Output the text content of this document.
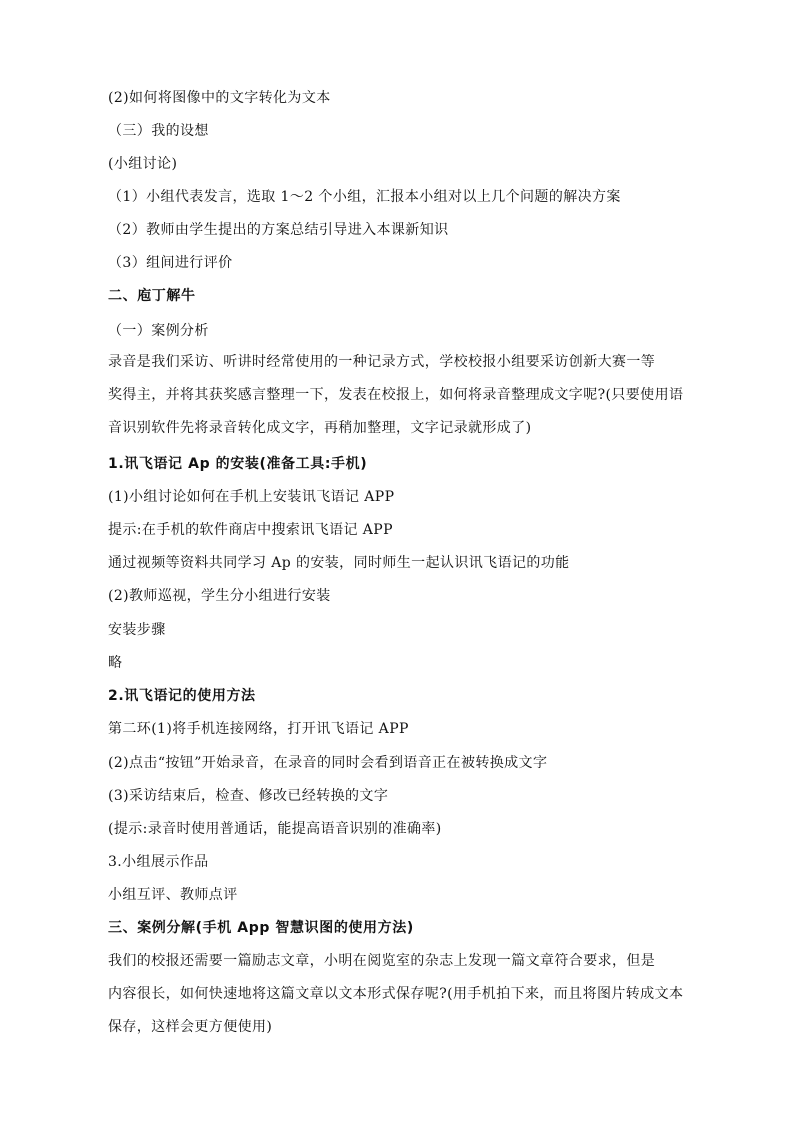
(2)如何将图像中的文字转化为文本
（三）我的设想
(小组讨论)
（1）小组代表发言，选取 1～2 个小组，汇报本小组对以上几个问题的解决方案
（2）教师由学生提出的方案总结引导进入本课新知识
（3）组间进行评价
二、庖丁解牛
（一）案例分析
录音是我们采访、听讲时经常使用的一种记录方式，学校校报小组要采访创新大赛一等
奖得主，并将其获奖感言整理一下，发表在校报上，如何将录音整理成文字呢?(只要使用语
音识别软件先将录音转化成文字，再稍加整理，文字记录就形成了)
1.讯飞语记 Ap 的安装(准备工具:手机)
(1)小组讨论如何在手机上安装讯飞语记 APP
提示:在手机的软件商店中搜索讯飞语记 APP
通过视频等资料共同学习 Ap 的安装，同时师生一起认识讯飞语记的功能
(2)教师巡视，学生分小组进行安装
安装步骤
略
2.讯飞语记的使用方法
第二环(1)将手机连接网络，打开讯飞语记 APP
(2)点击“按钮”开始录音，在录音的同时会看到语音正在被转换成文字
(3)采访结束后，检查、修改已经转换的文字
(提示:录音时使用普通话，能提高语音识别的准确率)
3.小组展示作品
小组互评、教师点评
三、案例分解(手机 App 智慧识图的使用方法)
我们的校报还需要一篇励志文章，小明在阅览室的杂志上发现一篇文章符合要求，但是
内容很长，如何快速地将这篇文章以文本形式保存呢?(用手机拍下来，而且将图片转成文本
保存，这样会更方便使用)
